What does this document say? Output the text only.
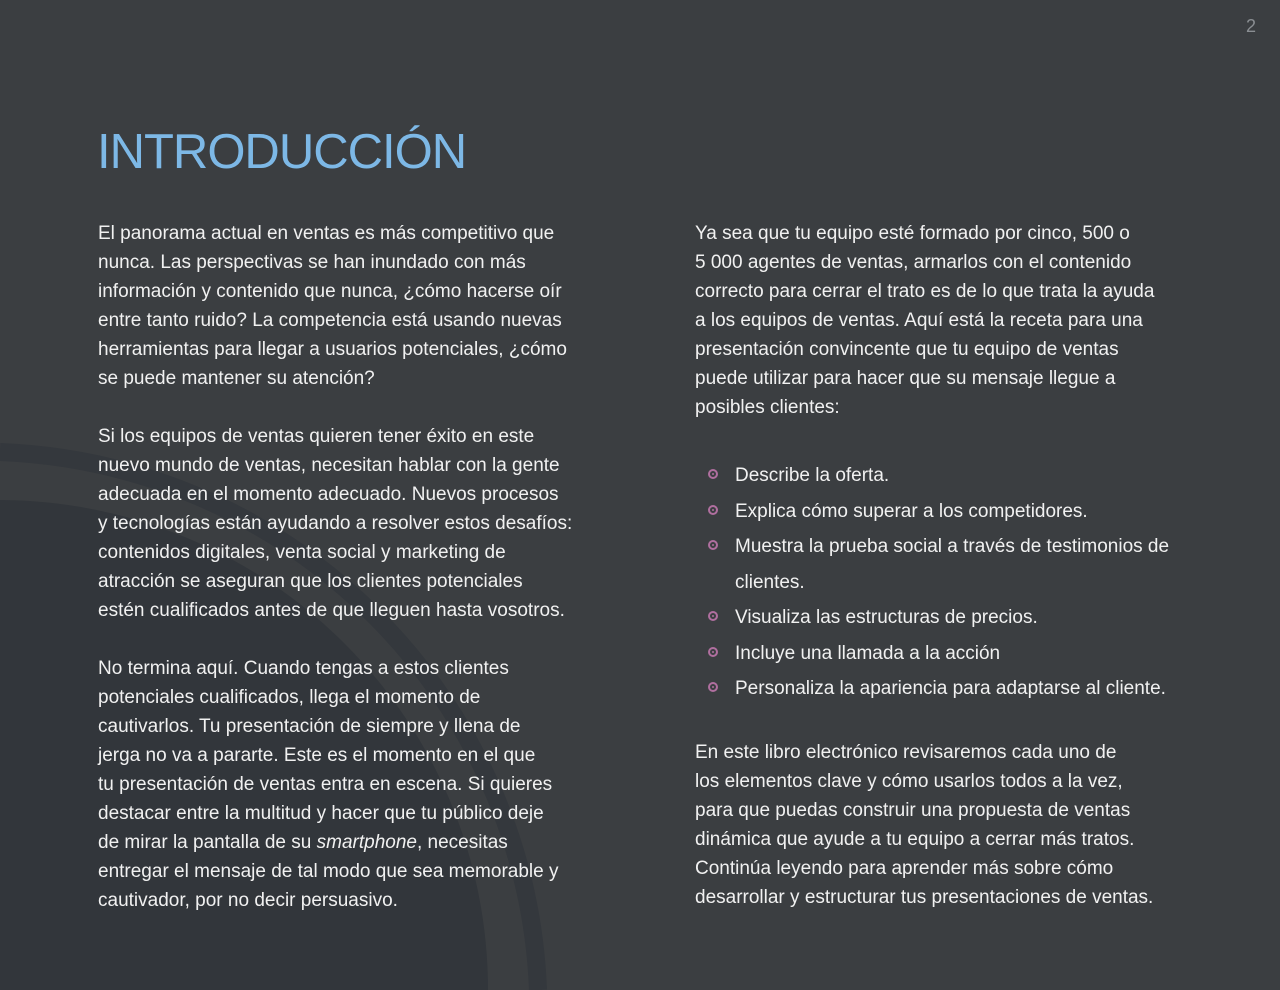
2
INTRODUCCIÓN

El panorama actual en ventas es más competitivo que
nunca. Las perspectivas se han inundado con más
información y contenido que nunca, ¿cómo hacerse oír
entre tanto ruido? La competencia está usando nuevas
herramientas para llegar a usuarios potenciales, ¿cómo
se puede mantener su atención?

Si los equipos de ventas quieren tener éxito en este
nuevo mundo de ventas, necesitan hablar con la gente
adecuada en el momento adecuado. Nuevos procesos
y tecnologías están ayudando a resolver estos desafíos:
contenidos digitales, venta social y marketing de
atracción se aseguran que los clientes potenciales
estén cualificados antes de que lleguen hasta vosotros.

No termina aquí. Cuando tengas a estos clientes
potenciales cualificados, llega el momento de
cautivarlos. Tu presentación de siempre y llena de
jerga no va a pararte. Este es el momento en el que
tu presentación de ventas entra en escena. Si quieres
destacar entre la multitud y hacer que tu público deje
de mirar la pantalla de su smartphone, necesitas
entregar el mensaje de tal modo que sea memorable y
cautivador, por no decir persuasivo.

Ya sea que tu equipo esté formado por cinco, 500 o
5 000 agentes de ventas, armarlos con el contenido
correcto para cerrar el trato es de lo que trata la ayuda
a los equipos de ventas. Aquí está la receta para una
presentación convincente que tu equipo de ventas
puede utilizar para hacer que su mensaje llegue a
posibles clientes:

Describe la oferta.
Explica cómo superar a los competidores.
Muestra la prueba social a través de testimonios de clientes.
Visualiza las estructuras de precios.
Incluye una llamada a la acción
Personaliza la apariencia para adaptarse al cliente.

En este libro electrónico revisaremos cada uno de
los elementos clave y cómo usarlos todos a la vez,
para que puedas construir una propuesta de ventas
dinámica que ayude a tu equipo a cerrar más tratos.
Continúa leyendo para aprender más sobre cómo
desarrollar y estructurar tus presentaciones de ventas.
